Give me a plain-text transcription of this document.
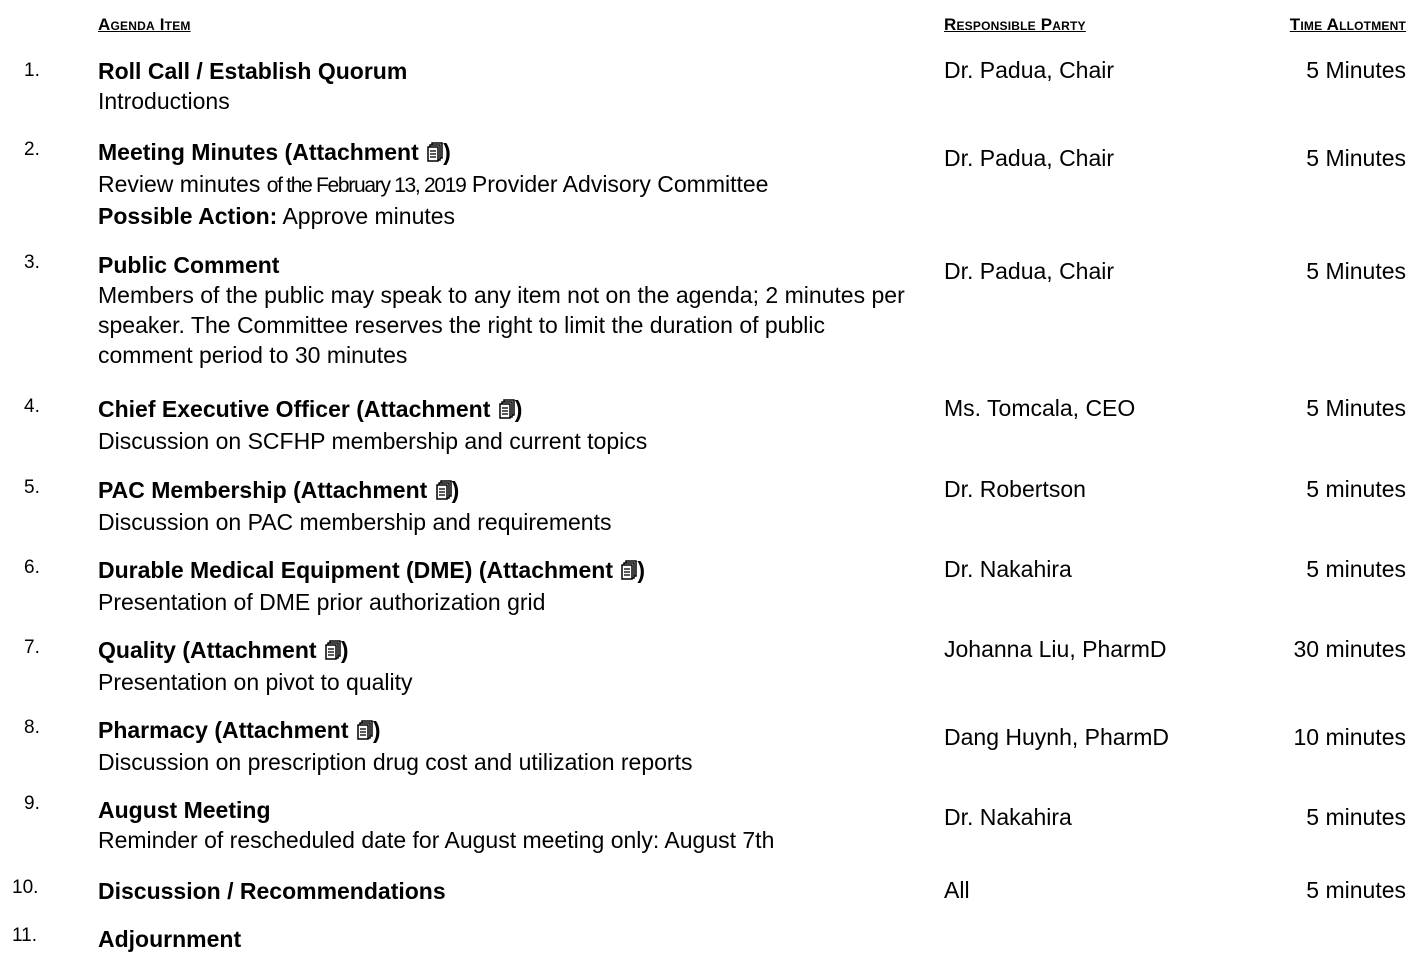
Agenda Item	Responsible Party	Time Allotment
1.	Roll Call / Establish Quorum
Introductions
Dr. Padua, Chair	5 Minutes
2.	Meeting Minutes (Attachment )
Review minutes of the February 13, 2019 Provider Advisory Committee
Possible Action: Approve minutes
Dr. Padua, Chair	5 Minutes
3.	Public Comment
Members of the public may speak to any item not on the agenda; 2 minutes per speaker. The Committee reserves the right to limit the duration of public comment period to 30 minutes
Dr. Padua, Chair	5 Minutes
4.	Chief Executive Officer (Attachment )
Discussion on SCFHP membership and current topics
Ms. Tomcala, CEO	5 Minutes
5.	PAC Membership (Attachment )
Discussion on PAC membership and requirements
Dr. Robertson	5 minutes
6.	Durable Medical Equipment (DME) (Attachment )
Presentation of DME prior authorization grid
Dr. Nakahira	5 minutes
7.	Quality (Attachment )
Presentation on pivot to quality
Johanna Liu, PharmD	30 minutes
8.	Pharmacy (Attachment )
Discussion on prescription drug cost and utilization reports
Dang Huynh, PharmD	10 minutes
9.	August Meeting
Reminder of rescheduled date for August meeting only: August 7th
Dr. Nakahira	5 minutes
10.	Discussion / Recommendations	All	5 minutes
11.	Adjournment
